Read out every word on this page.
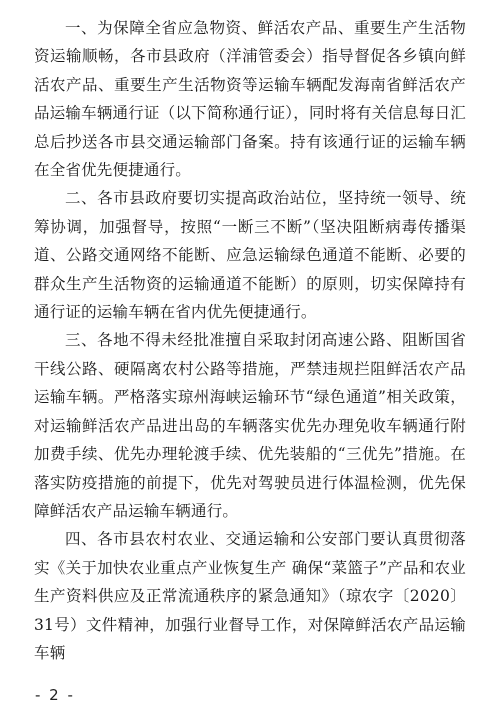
一、为保障全省应急物资、鲜活农产品、重要生产生活物资运输顺畅，各市县政府（洋浦管委会）指导督促各乡镇向鲜活农产品、重要生产生活物资等运输车辆配发海南省鲜活农产品运输车辆通行证（以下简称通行证），同时将有关信息每日汇总后抄送各市县交通运输部门备案。持有该通行证的运输车辆在全省优先便捷通行。

二、各市县政府要切实提高政治站位，坚持统一领导、统筹协调，加强督导，按照“一断三不断”（坚决阻断病毒传播渠道、公路交通网络不能断、应急运输绿色通道不能断、必要的群众生产生活物资的运输通道不能断）的原则，切实保障持有通行证的运输车辆在省内优先便捷通行。

三、各地不得未经批准擅自采取封闭高速公路、阻断国省干线公路、硬隔离农村公路等措施，严禁违规拦阻鲜活农产品运输车辆。严格落实琼州海峡运输环节“绿色通道”相关政策，对运输鲜活农产品进出岛的车辆落实优先办理免收车辆通行附加费手续、优先办理轮渡手续、优先装船的“三优先”措施。在落实防疫措施的前提下，优先对驾驶员进行体温检测，优先保障鲜活农产品运输车辆通行。

四、各市县农村农业、交通运输和公安部门要认真贯彻落实《关于加快农业重点产业恢复生产 确保“菜篮子”产品和农业生产资料供应及正常流通秩序的紧急通知》（琼农字〔2020〕31号）文件精神，加强行业督导工作，对保障鲜活农产品运输车辆

- 2 -
